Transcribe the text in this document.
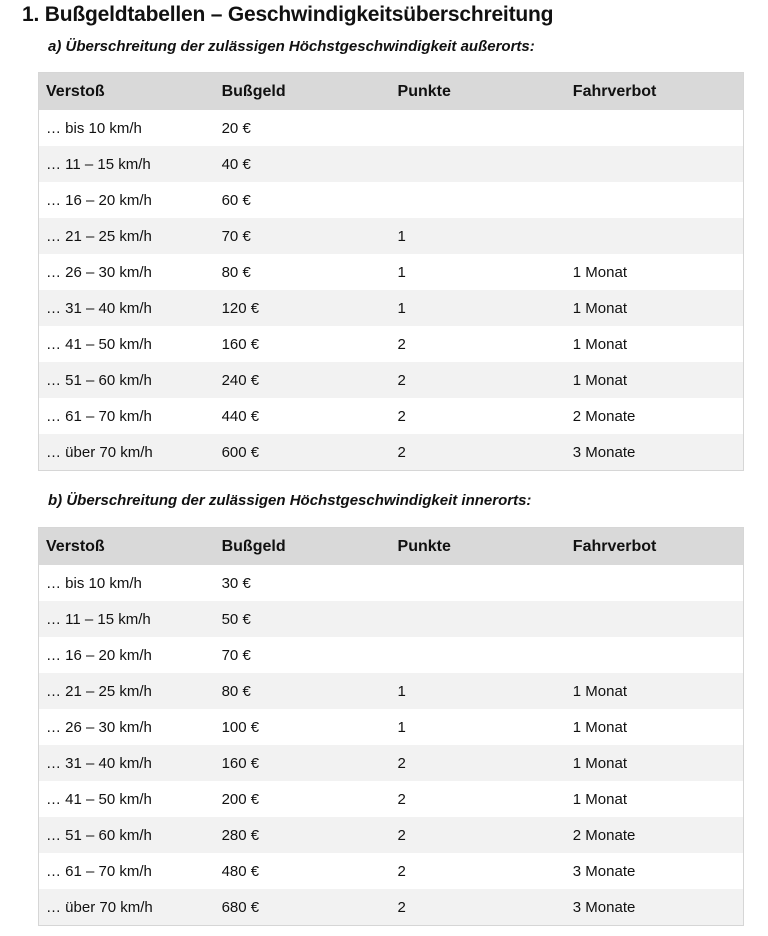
1. Bußgeldtabellen – Geschwindigkeitsüberschreitung

a) Überschreitung der zulässigen Höchstgeschwindigkeit außerorts:

Verstoß	Bußgeld	Punkte	Fahrverbot
… bis 10 km/h	20 €		
… 11 – 15 km/h	40 €		
… 16 – 20 km/h	60 €		
… 21 – 25 km/h	70 €	1	
… 26 – 30 km/h	80 €	1	1 Monat
… 31 – 40 km/h	120 €	1	1 Monat
… 41 – 50 km/h	160 €	2	1 Monat
… 51 – 60 km/h	240 €	2	1 Monat
… 61 – 70 km/h	440 €	2	2 Monate
… über 70 km/h	600 €	2	3 Monate

b) Überschreitung der zulässigen Höchstgeschwindigkeit innerorts:

Verstoß	Bußgeld	Punkte	Fahrverbot
… bis 10 km/h	30 €		
… 11 – 15 km/h	50 €		
… 16 – 20 km/h	70 €		
… 21 – 25 km/h	80 €	1	1 Monat
… 26 – 30 km/h	100 €	1	1 Monat
… 31 – 40 km/h	160 €	2	1 Monat
… 41 – 50 km/h	200 €	2	1 Monat
… 51 – 60 km/h	280 €	2	2 Monate
… 61 – 70 km/h	480 €	2	3 Monate
… über 70 km/h	680 €	2	3 Monate
